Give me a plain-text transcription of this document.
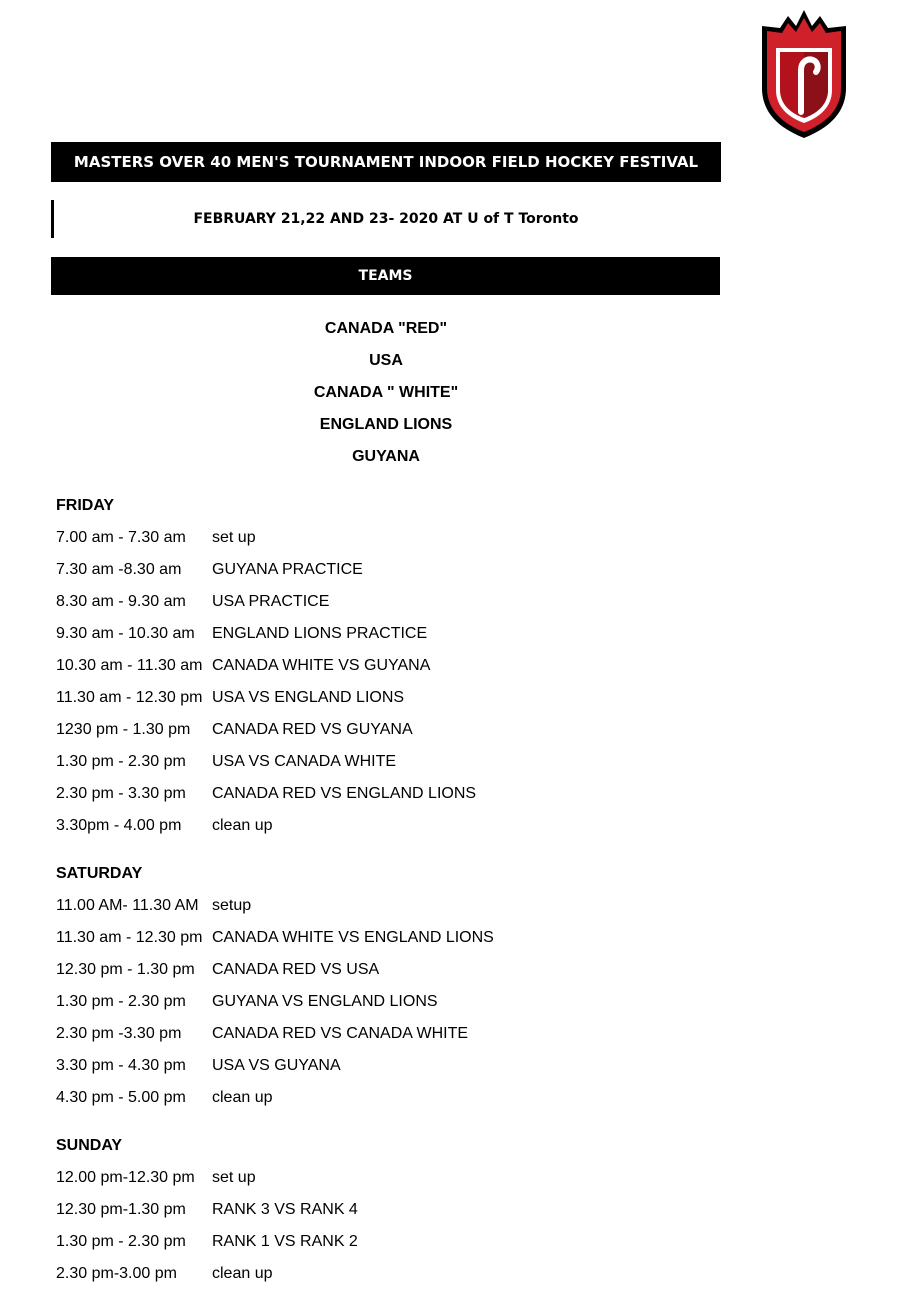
MASTERS OVER 40 MEN'S TOURNAMENT INDOOR FIELD HOCKEY FESTIVAL
FEBRUARY 21,22 AND 23- 2020 AT U of T Toronto
TEAMS
CANADA "RED"
USA
CANADA " WHITE"
ENGLAND LIONS
GUYANA
FRIDAY
7.00 am - 7.30 am	set up
7.30 am -8.30 am	GUYANA PRACTICE
8.30 am - 9.30 am	USA PRACTICE
9.30 am - 10.30 am	ENGLAND LIONS PRACTICE
10.30 am - 11.30 am CANADA WHITE VS GUYANA
11.30 am - 12.30 pm USA VS ENGLAND LIONS
1230 pm - 1.30 pm	CANADA RED VS GUYANA
1.30 pm - 2.30 pm	USA VS CANADA WHITE
2.30 pm - 3.30 pm	CANADA RED VS ENGLAND LIONS
3.30pm - 4.00 pm	clean up
SATURDAY
11.00 AM- 11.30 AM setup
11.30 am - 12.30 pm CANADA WHITE VS ENGLAND LIONS
12.30 pm - 1.30 pm	CANADA RED VS USA
1.30 pm - 2.30 pm	GUYANA VS ENGLAND LIONS
2.30 pm -3.30 pm	CANADA RED VS CANADA WHITE
3.30 pm - 4.30 pm	USA VS GUYANA
4.30 pm - 5.00 pm	clean up
SUNDAY
12.00 pm-12.30 pm	set up
12.30 pm-1.30 pm	RANK 3 VS RANK 4
1.30 pm - 2.30 pm	RANK 1 VS RANK 2
2.30 pm-3.00 pm	clean up
